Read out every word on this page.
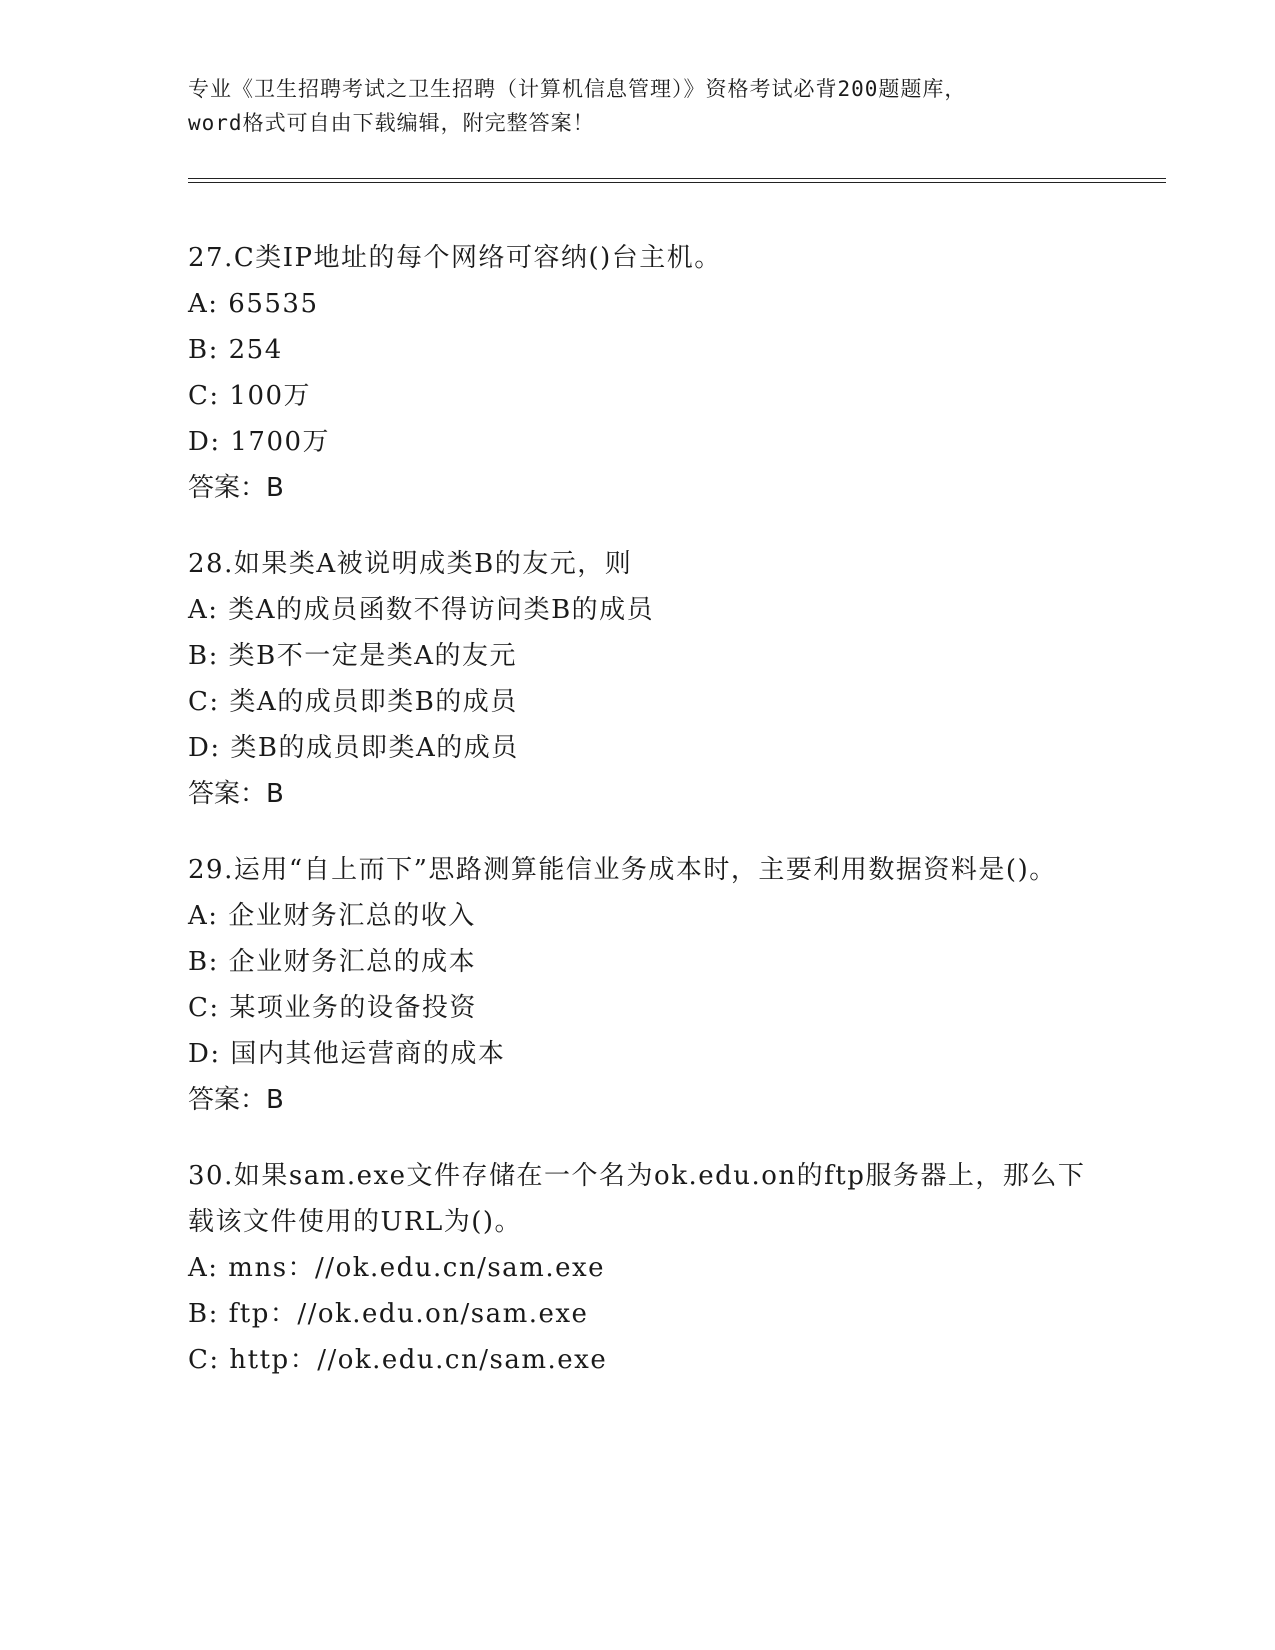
专业《卫生招聘考试之卫生招聘（计算机信息管理）》资格考试必背200题题库，
word格式可自由下载编辑，附完整答案！
27.C类IP地址的每个网络可容纳()台主机。
A: 65535
B: 254
C: 100万
D: 1700万
答案：B
28.如果类A被说明成类B的友元，则
A: 类A的成员函数不得访问类B的成员
B: 类B不一定是类A的友元
C: 类A的成员即类B的成员
D: 类B的成员即类A的成员
答案：B
29.运用“自上而下”思路测算能信业务成本时，主要利用数据资料是()。
A: 企业财务汇总的收入
B: 企业财务汇总的成本
C: 某项业务的设备投资
D: 国内其他运营商的成本
答案：B
30.如果sam.exe文件存储在一个名为ok.edu.on的ftp服务器上，那么下载该文件使用的URL为()。
A: mns：//ok.edu.cn/sam.exe
B: ftp：//ok.edu.on/sam.exe
C: http：//ok.edu.cn/sam.exe
